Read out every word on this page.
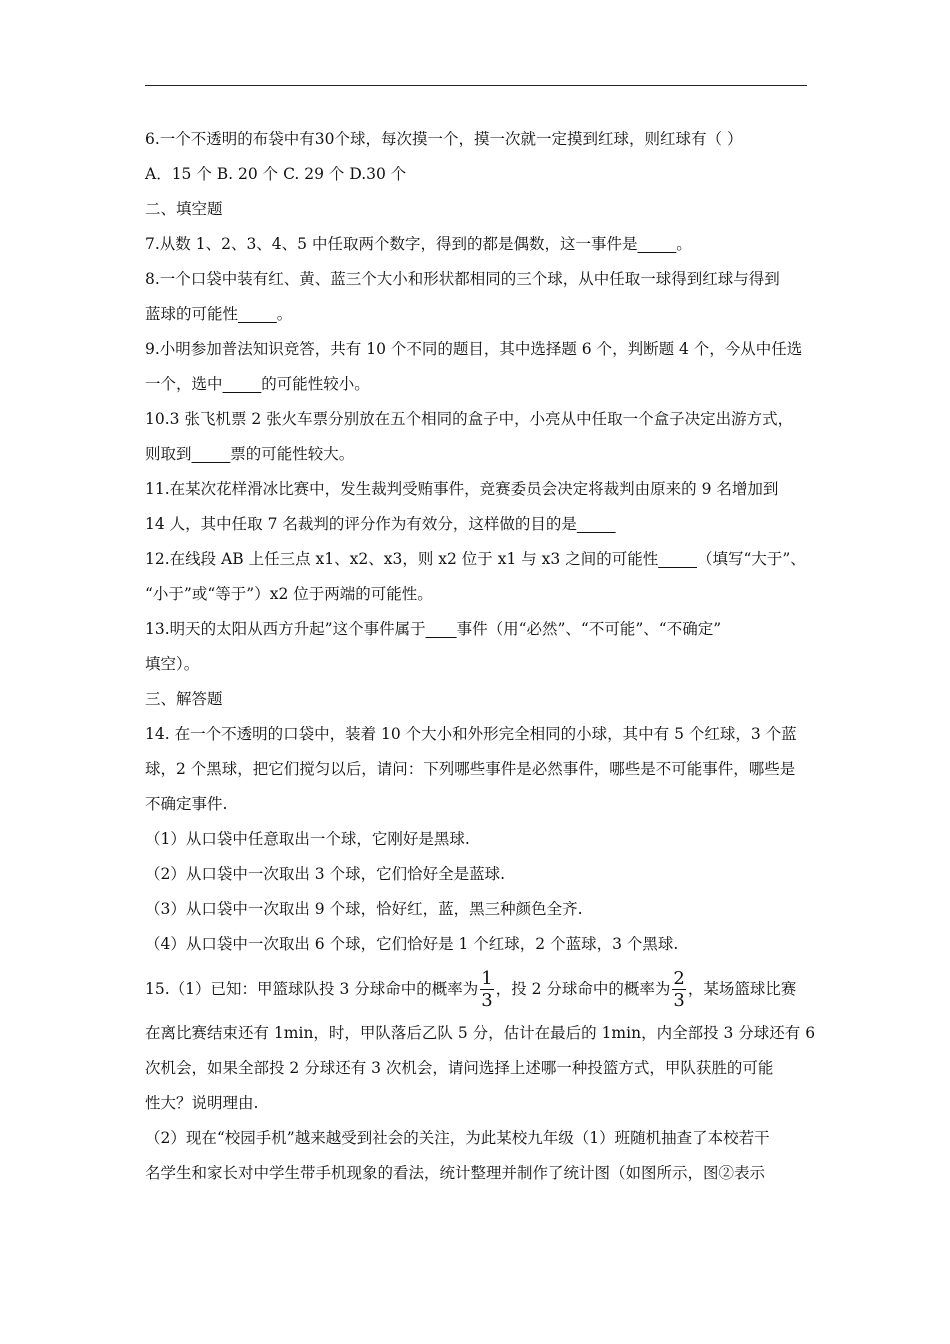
6.一个不透明的布袋中有30个球，每次摸一个，摸一次就一定摸到红球，则红球有（ ）
A．15 个 B. 20 个 C. 29 个 D.30 个
二、填空题
7.从数 1、2、3、4、5 中任取两个数字，得到的都是偶数，这一事件是_____。
8.一个口袋中装有红、黄、蓝三个大小和形状都相同的三个球，从中任取一球得到红球与得到
蓝球的可能性_____。
9.小明参加普法知识竞答，共有 10 个不同的题目，其中选择题 6 个，判断题 4 个，今从中任选
一个，选中_____的可能性较小。
10.3 张飞机票 2 张火车票分别放在五个相同的盒子中，小亮从中任取一个盒子决定出游方式，
则取到_____票的可能性较大。
11.在某次花样滑冰比赛中，发生裁判受贿事件，竞赛委员会决定将裁判由原来的 9 名增加到
14 人，其中任取 7 名裁判的评分作为有效分，这样做的目的是_____
12.在线段 AB 上任三点 x1、x2、x3，则 x2 位于 x1 与 x3 之间的可能性_____（填写“大于”、
“小于”或“等于”）x2 位于两端的可能性。
13.明天的太阳从西方升起”这个事件属于____事件（用“必然”、“不可能”、“不确定”
填空）。
三、解答题
14. 在一个不透明的口袋中，装着 10 个大小和外形完全相同的小球，其中有 5 个红球，3 个蓝
球，2 个黑球，把它们搅匀以后，请问：下列哪些事件是必然事件，哪些是不可能事件，哪些是
不确定事件.
（1）从口袋中任意取出一个球，它刚好是黑球.
（2）从口袋中一次取出 3 个球，它们恰好全是蓝球.
（3）从口袋中一次取出 9 个球，恰好红，蓝，黑三种颜色全齐.
（4）从口袋中一次取出 6 个球，它们恰好是 1 个红球，2 个蓝球，3 个黑球.
15.（1）已知：甲篮球队投 3 分球命中的概率为 $\frac{1}{3}$ ，投 2 分球命中的概率为 $\frac{2}{3}$ ，某场篮球比赛
在离比赛结束还有 1min，时，甲队落后乙队 5 分，估计在最后的 1min，内全部投 3 分球还有 6
次机会，如果全部投 2 分球还有 3 次机会，请问选择上述哪一种投篮方式，甲队获胜的可能
性大？说明理由.
（2）现在“校园手机”越来越受到社会的关注，为此某校九年级（1）班随机抽查了本校若干
名学生和家长对中学生带手机现象的看法，统计整理并制作了统计图（如图所示，图②表示
